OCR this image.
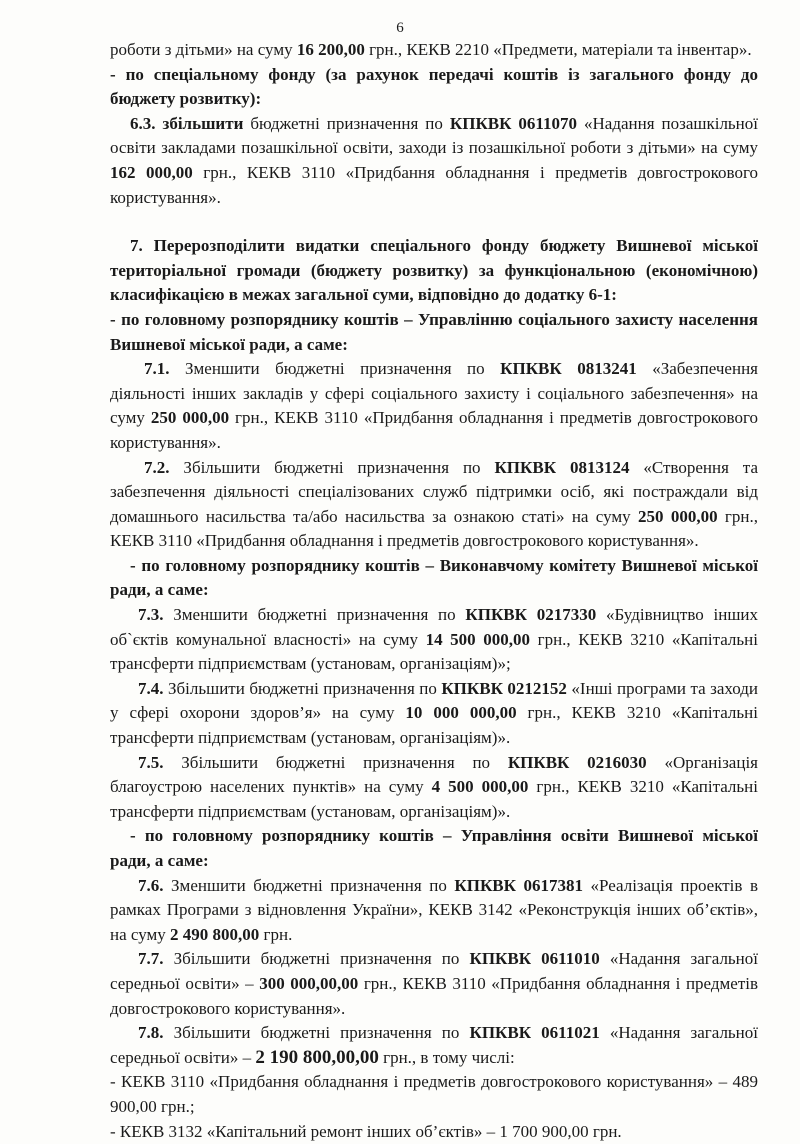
6

роботи з дітьми» на суму 16 200,00 грн., КЕКВ 2210 «Предмети, матеріали та інвентар».

- по спеціальному фонду (за рахунок передачі коштів із загального фонду до бюджету розвитку):

6.3. збільшити бюджетні призначення по КПКВК 0611070 «Надання позашкільної освіти закладами позашкільної освіти, заходи із позашкільної роботи з дітьми» на суму 162 000,00 грн., КЕКВ 3110 «Придбання обладнання і предметів довгострокового користування».

7. Перерозподілити видатки спеціального фонду бюджету Вишневої міської територіальної громади (бюджету розвитку) за функціональною (економічною) класифікацією в межах загальної суми, відповідно до додатку 6-1:

- по головному розпоряднику коштів – Управлінню соціального захисту населення Вишневої міської ради, а саме:

7.1. Зменшити бюджетні призначення по КПКВК 0813241 «Забезпечення діяльності інших закладів у сфері соціального захисту і соціального забезпечення» на суму 250 000,00 грн., КЕКВ 3110 «Придбання обладнання і предметів довгострокового користування».

7.2. Збільшити бюджетні призначення по КПКВК 0813124 «Створення та забезпечення діяльності спеціалізованих служб підтримки осіб, які постраждали від домашнього насильства та/або насильства за ознакою статі» на суму 250 000,00 грн., КЕКВ 3110 «Придбання обладнання і предметів довгострокового користування».

- по головному розпоряднику коштів – Виконавчому комітету Вишневої міської ради, а саме:

7.3. Зменшити бюджетні призначення по КПКВК 0217330 «Будівництво інших об`єктів комунальної власності» на суму 14 500 000,00 грн., КЕКВ 3210 «Капітальні трансферти підприємствам (установам, організаціям)»;

7.4. Збільшити бюджетні призначення по КПКВК 0212152 «Інші програми та заходи у сфері охорони здоров’я» на суму 10 000 000,00 грн., КЕКВ 3210 «Капітальні трансферти підприємствам (установам, організаціям)».

7.5. Збільшити бюджетні призначення по КПКВК 0216030 «Організація благоустрою населених пунктів» на суму 4 500 000,00 грн., КЕКВ 3210 «Капітальні трансферти підприємствам (установам, організаціям)».

- по головному розпоряднику коштів – Управління освіти Вишневої міської ради, а саме:

7.6. Зменшити бюджетні призначення по КПКВК 0617381 «Реалізація проектів в рамках Програми з відновлення України», КЕКВ 3142 «Реконструкція інших об’єктів», на суму 2 490 800,00 грн.

7.7. Збільшити бюджетні призначення по КПКВК 0611010 «Надання загальної середньої освіти» – 300 000,00,00 грн., КЕКВ 3110 «Придбання обладнання і предметів довгострокового користування».

7.8. Збільшити бюджетні призначення по КПКВК 0611021 «Надання загальної середньої освіти» – 2 190 800,00,00 грн., в тому числі:

- КЕКВ 3110 «Придбання обладнання і предметів довгострокового користування» – 489 900,00 грн.;

- КЕКВ 3132 «Капітальний ремонт інших об’єктів» – 1 700 900,00 грн.
